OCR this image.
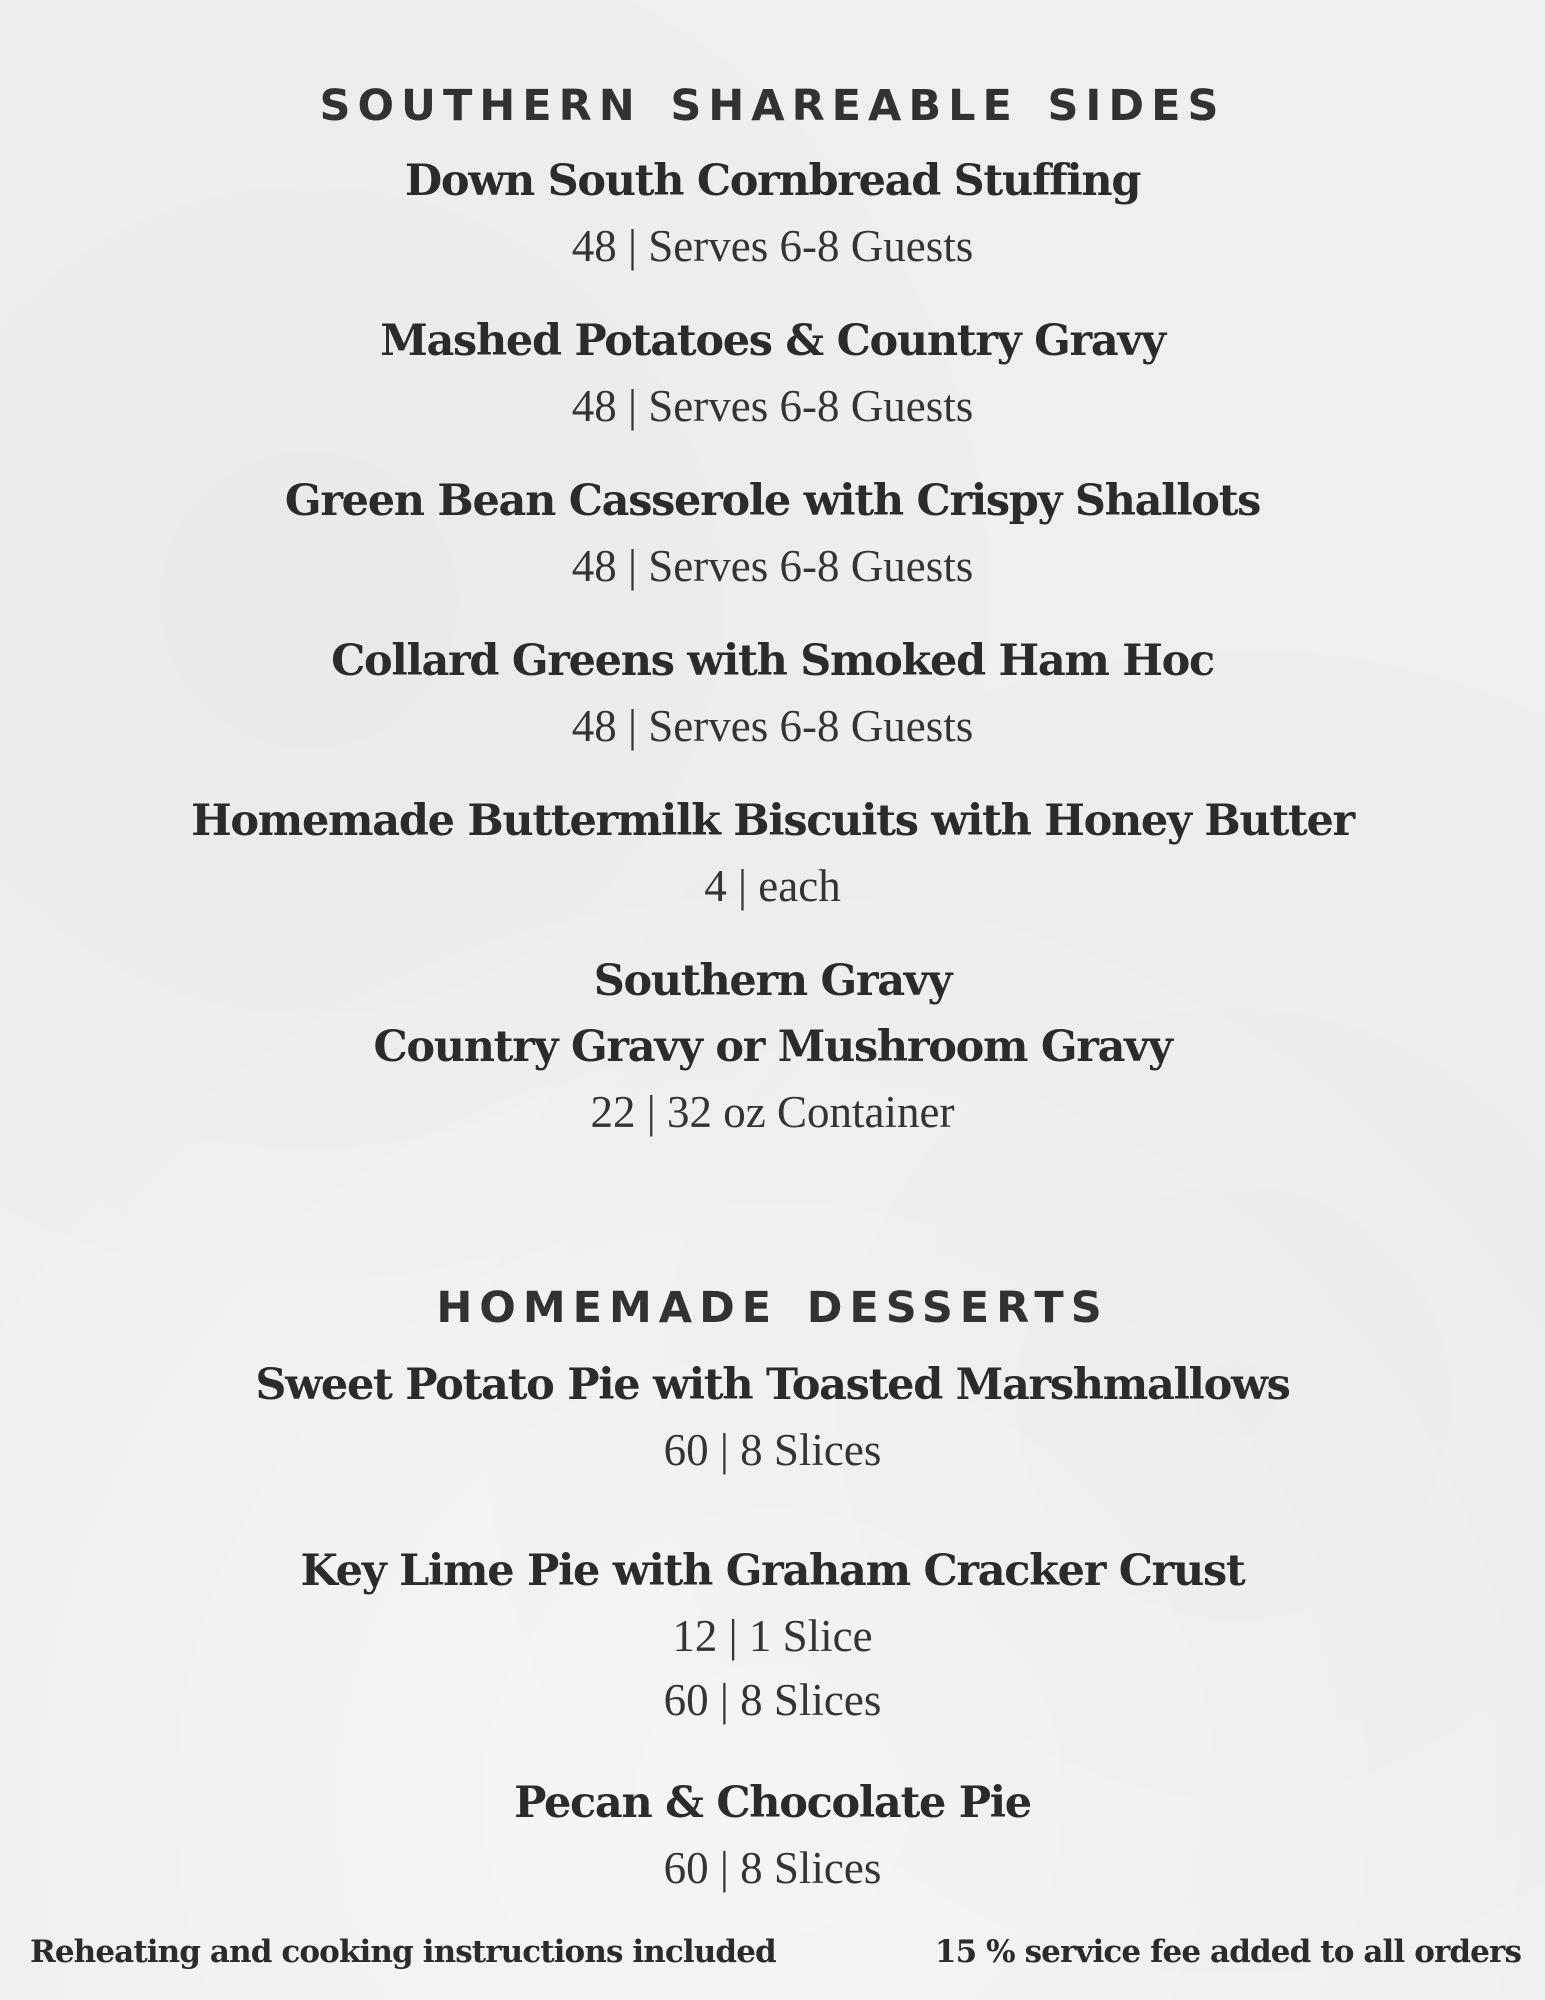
southern shareable sides
Down South Cornbread Stuffing
48 | Serves 6-8 Guests
Mashed Potatoes & Country Gravy
48 | Serves 6-8 Guests
Green Bean Casserole with Crispy Shallots
48 | Serves 6-8 Guests
Collard Greens with Smoked Ham Hoc
48 | Serves 6-8 Guests
Homemade Buttermilk Biscuits with Honey Butter
4 | each
Southern Gravy
Country Gravy or Mushroom Gravy
22 | 32 oz Container
homemade desserts
Sweet Potato Pie with Toasted Marshmallows
60 | 8 Slices
Key Lime Pie with Graham Cracker Crust
12 | 1 Slice
60 | 8 Slices
Pecan & Chocolate Pie
60 | 8 Slices
Reheating and cooking instructions included	15 % service fee added to all orders
